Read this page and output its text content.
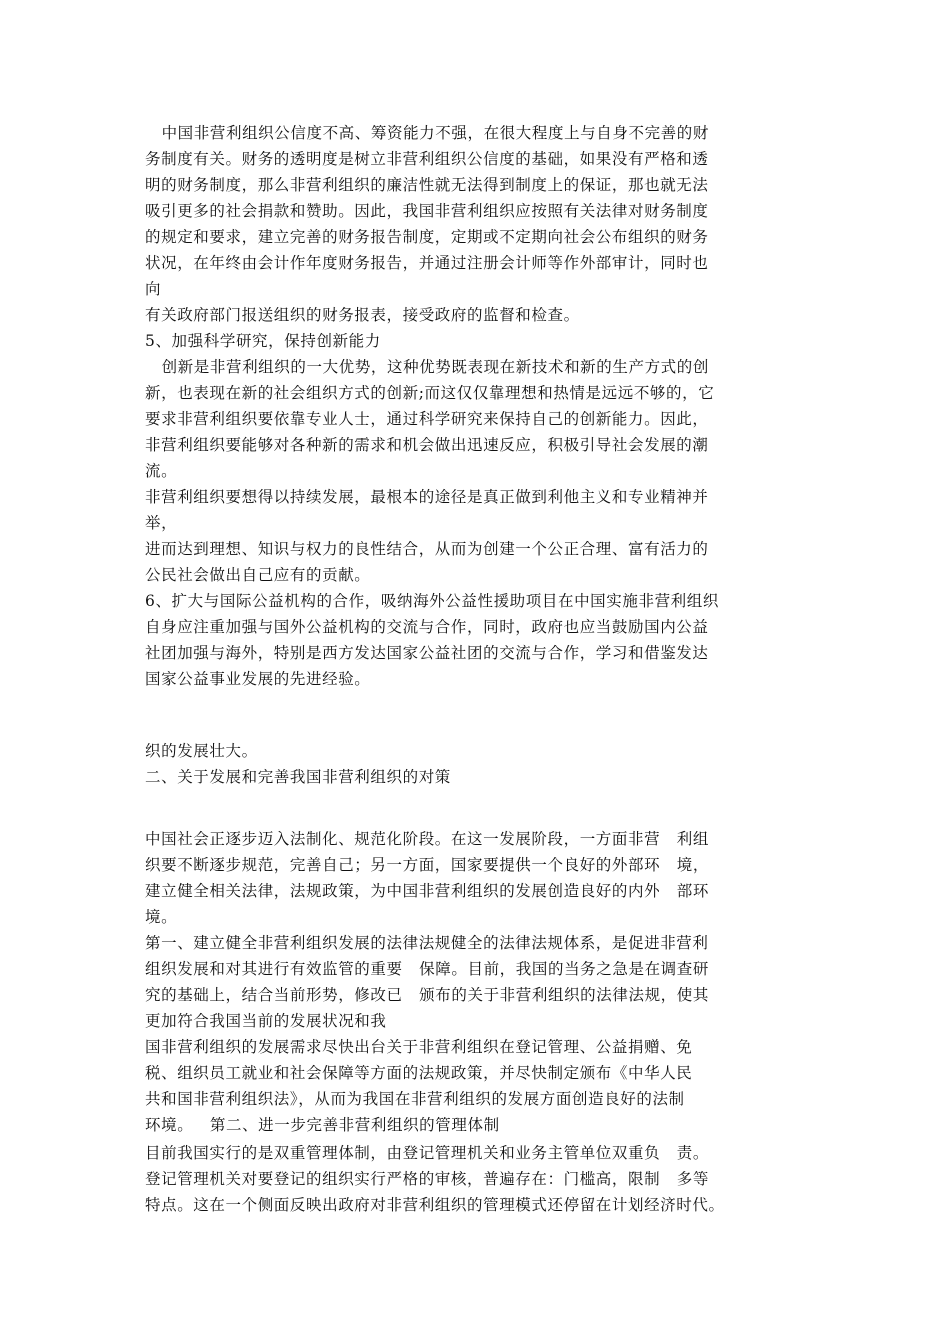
中国非营利组织公信度不高、筹资能力不强，在很大程度上与自身不完善的财
务制度有关。财务的透明度是树立非营利组织公信度的基础，如果没有严格和透
明的财务制度，那么非营利组织的廉洁性就无法得到制度上的保证，那也就无法
吸引更多的社会捐款和赞助。因此，我国非营利组织应按照有关法律对财务制度
的规定和要求，建立完善的财务报告制度，定期或不定期向社会公布组织的财务
状况，在年终由会计作年度财务报告，并通过注册会计师等作外部审计，同时也
向
有关政府部门报送组织的财务报表，接受政府的监督和检查。
5、加强科学研究，保持创新能力
创新是非营利组织的一大优势，这种优势既表现在新技术和新的生产方式的创
新，也表现在新的社会组织方式的创新;而这仅仅靠理想和热情是远远不够的，它
要求非营利组织要依靠专业人士，通过科学研究来保持自己的创新能力。因此，
非营利组织要能够对各种新的需求和机会做出迅速反应，积极引导社会发展的潮
流。
非营利组织要想得以持续发展，最根本的途径是真正做到利他主义和专业精神并
举，
进而达到理想、知识与权力的良性结合，从而为创建一个公正合理、富有活力的
公民社会做出自己应有的贡献。
6、扩大与国际公益机构的合作，吸纳海外公益性援助项目在中国实施非营利组织
自身应注重加强与国外公益机构的交流与合作，同时，政府也应当鼓励国内公益
社团加强与海外，特别是西方发达国家公益社团的交流与合作，学习和借鉴发达
国家公益事业发展的先进经验。
织的发展壮大。
二、关于发展和完善我国非营利组织的对策
中国社会正逐步迈入法制化、规范化阶段。在这一发展阶段，一方面非营   利组
织要不断逐步规范，完善自己；另一方面，国家要提供一个良好的外部环   境，
建立健全相关法律，法规政策，为中国非营利组织的发展创造良好的内外   部环
境。
第一、建立健全非营利组织发展的法律法规健全的法律法规体系，是促进非营利
组织发展和对其进行有效监管的重要   保障。目前，我国的当务之急是在调查研
究的基础上，结合当前形势，修改已   颁布的关于非营利组织的法律法规，使其
更加符合我国当前的发展状况和我
国非营利组织的发展需求尽快出台关于非营利组织在登记管理、公益捐赠、免
税、组织员工就业和社会保障等方面的法规政策，并尽快制定颁布《中华人民
共和国非营利组织法》，从而为我国在非营利组织的发展方面创造良好的法制
环境。   第二、进一步完善非营利组织的管理体制
目前我国实行的是双重管理体制，由登记管理机关和业务主管单位双重负   责。
登记管理机关对要登记的组织实行严格的审核，普遍存在：门槛高，限制   多等
特点。这在一个侧面反映出政府对非营利组织的管理模式还停留在计划经济时代。
